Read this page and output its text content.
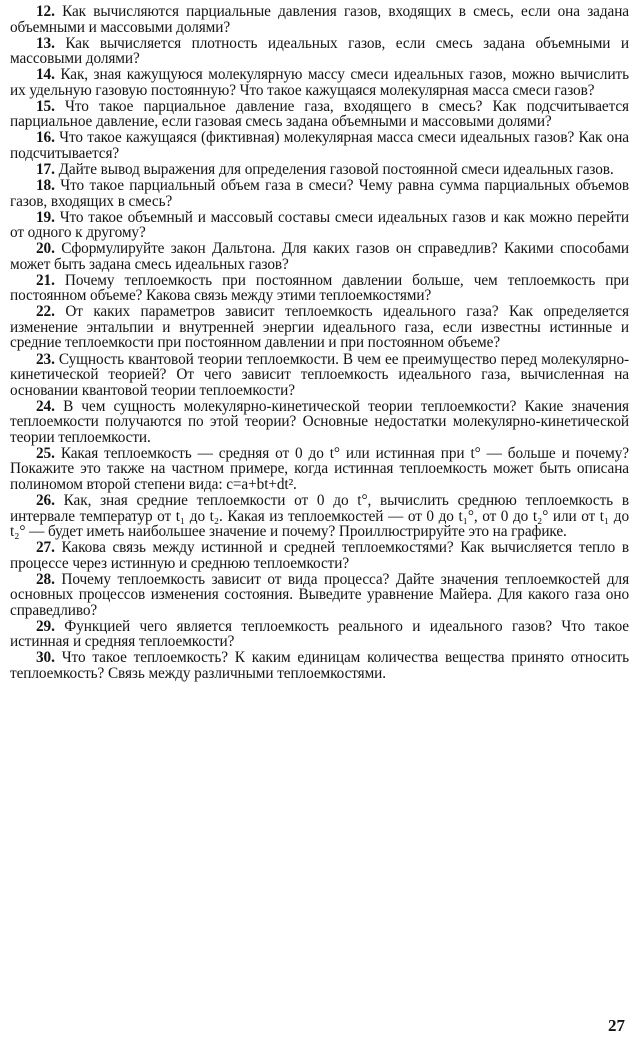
12. Как вычисляются парциальные давления газов, входящих в смесь, если она задана объемными и массовыми долями?

13. Как вычисляется плотность идеальных газов, если смесь задана объемными и массовыми долями?

14. Как, зная кажущуюся молекулярную массу смеси идеальных газов, можно вычислить их удельную газовую постоянную? Что такое кажущаяся молекулярная масса смеси газов?

15. Что такое парциальное давление газа, входящего в смесь? Как подсчитывается парциальное давление, если газовая смесь задана объемными и массовыми долями?

16. Что такое кажущаяся (фиктивная) молекулярная масса смеси идеальных газов? Как она подсчитывается?

17. Дайте вывод выражения для определения газовой постоянной смеси идеальных газов.

18. Что такое парциальный объем газа в смеси? Чему равна сумма парциальных объемов газов, входящих в смесь?

19. Что такое объемный и массовый составы смеси идеальных газов и как можно перейти от одного к другому?

20. Сформулируйте закон Дальтона. Для каких газов он справедлив? Какими способами может быть задана смесь идеальных газов?

21. Почему теплоемкость при постоянном давлении больше, чем теплоемкость при постоянном объеме? Какова связь между этими теплоемкостями?

22. От каких параметров зависит теплоемкость идеального газа? Как определяется изменение энтальпии и внутренней энергии идеального газа, если известны истинные и средние теплоемкости при постоянном давлении и при постоянном объеме?

23. Сущность квантовой теории теплоемкости. В чем ее преимущество перед молекулярно-кинетической теорией? От чего зависит теплоемкость идеального газа, вычисленная на основании квантовой теории теплоемкости?

24. В чем сущность молекулярно-кинетической теории теплоемкости? Какие значения теплоемкости получаются по этой теории? Основные недостатки молекулярно-кинетической теории теплоемкости.

25. Какая теплоемкость — средняя от 0 до t° или истинная при t° — больше и почему? Покажите это также на частном примере, когда истинная теплоемкость может быть описана полиномом второй степени вида: c=a+bt+dt².

26. Как, зная средние теплоемкости от 0 до t°, вычислить среднюю теплоемкость в интервале температур от t₁ до t₂. Какая из теплоемкостей — от 0 до t₁°, от 0 до t₂° или от t₁ до t₂° — будет иметь наибольшее значение и почему? Проиллюстрируйте это на графике.

27. Какова связь между истинной и средней теплоемкостями? Как вычисляется тепло в процессе через истинную и среднюю теплоемкости?

28. Почему теплоемкость зависит от вида процесса? Дайте значения теплоемкостей для основных процессов изменения состояния. Выведите уравнение Майера. Для какого газа оно справедливо?

29. Функцией чего является теплоемкость реального и идеального газов? Что такое истинная и средняя теплоемкости?

30. Что такое теплоемкость? К каким единицам количества вещества принято относить теплоемкость? Связь между различными теплоемкостями.

27
